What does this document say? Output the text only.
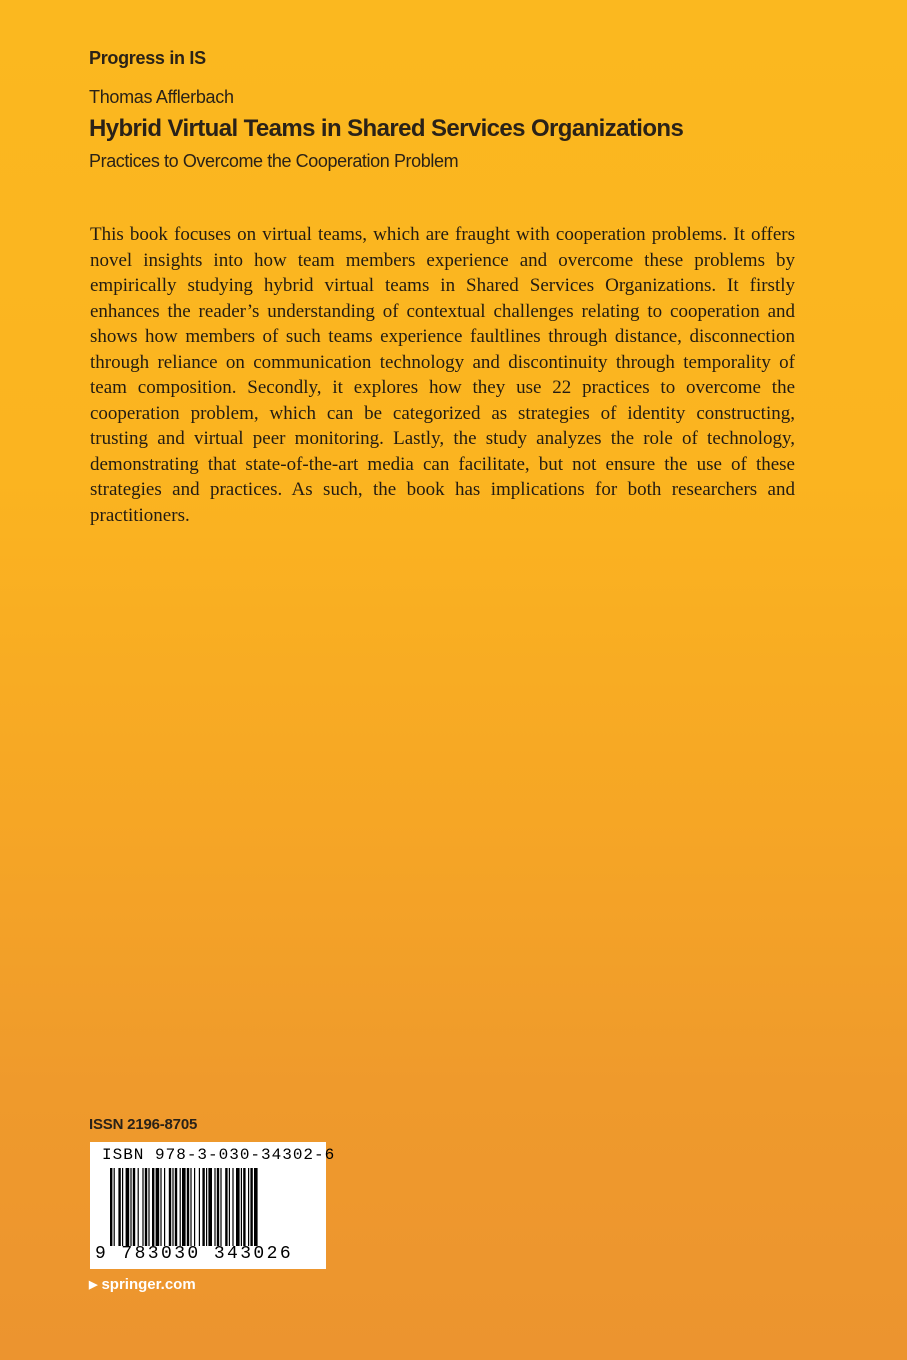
Progress in IS
Thomas Afflerbach
Hybrid Virtual Teams in Shared Services Organizations
Practices to Overcome the Cooperation Problem

This book focuses on virtual teams, which are fraught with cooperation problems. It offers novel insights into how team members experience and overcome these problems by empirically studying hybrid virtual teams in Shared Services Organizations. It firstly enhances the reader’s understanding of contextual challenges relating to cooperation and shows how members of such teams experience faultlines through distance, disconnection through reliance on communication technology and discontinuity through temporality of team composition. Secondly, it explores how they use 22 practices to overcome the cooperation problem, which can be categorized as strategies of identity constructing, trusting and virtual peer monitoring. Lastly, the study analyzes the role of technology, demonstrating that state-of-the-art media can facilitate, but not ensure the use of these strategies and practices. As such, the book has implications for both researchers and practitioners.

ISSN 2196-8705
ISBN 978-3-030-34302-6
9 783030 343026
▶ springer.com
